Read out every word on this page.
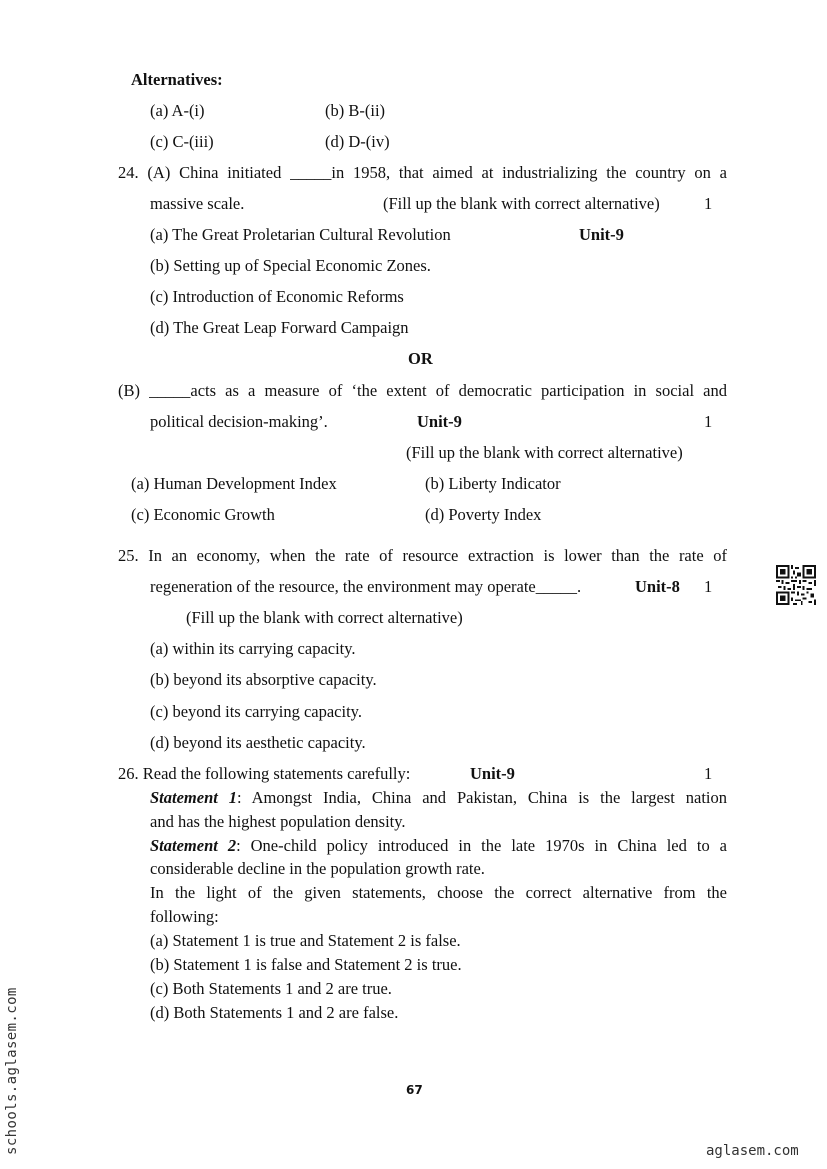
Alternatives:
(a) A-(i)	(b) B-(ii)
(c) C-(iii)	(d) D-(iv)
24. (A) China initiated _____in 1958, that aimed at industrializing the country on a
massive scale.	(Fill up the blank with correct alternative)	1
(a) The Great Proletarian Cultural Revolution	Unit-9
(b) Setting up of Special Economic Zones.
(c) Introduction of Economic Reforms
(d) The Great Leap Forward Campaign
OR
(B) _____acts as a measure of ‘the extent of democratic participation in social and
political decision-making’.	Unit-9	1
(Fill up the blank with correct alternative)
(a) Human Development Index	(b) Liberty Indicator
(c) Economic Growth	(d) Poverty Index
25. In an economy, when the rate of resource extraction is lower than the rate of
regeneration of the resource, the environment may operate_____.	Unit-8 1
(Fill up the blank with correct alternative)
(a) within its carrying capacity.
(b) beyond its absorptive capacity.
(c) beyond its carrying capacity.
(d) beyond its aesthetic capacity.
26. Read the following statements carefully:	Unit-9	1
Statement 1: Amongst India, China and Pakistan, China is the largest nation
and has the highest population density.
Statement 2: One-child policy introduced in the late 1970s in China led to a
considerable decline in the population growth rate.
In the light of the given statements, choose the correct alternative from the
following:
(a) Statement 1 is true and Statement 2 is false.
(b) Statement 1 is false and Statement 2 is true.
(c) Both Statements 1 and 2 are true.
(d) Both Statements 1 and 2 are false.
67
aglasem.com
schools.aglasem.com
